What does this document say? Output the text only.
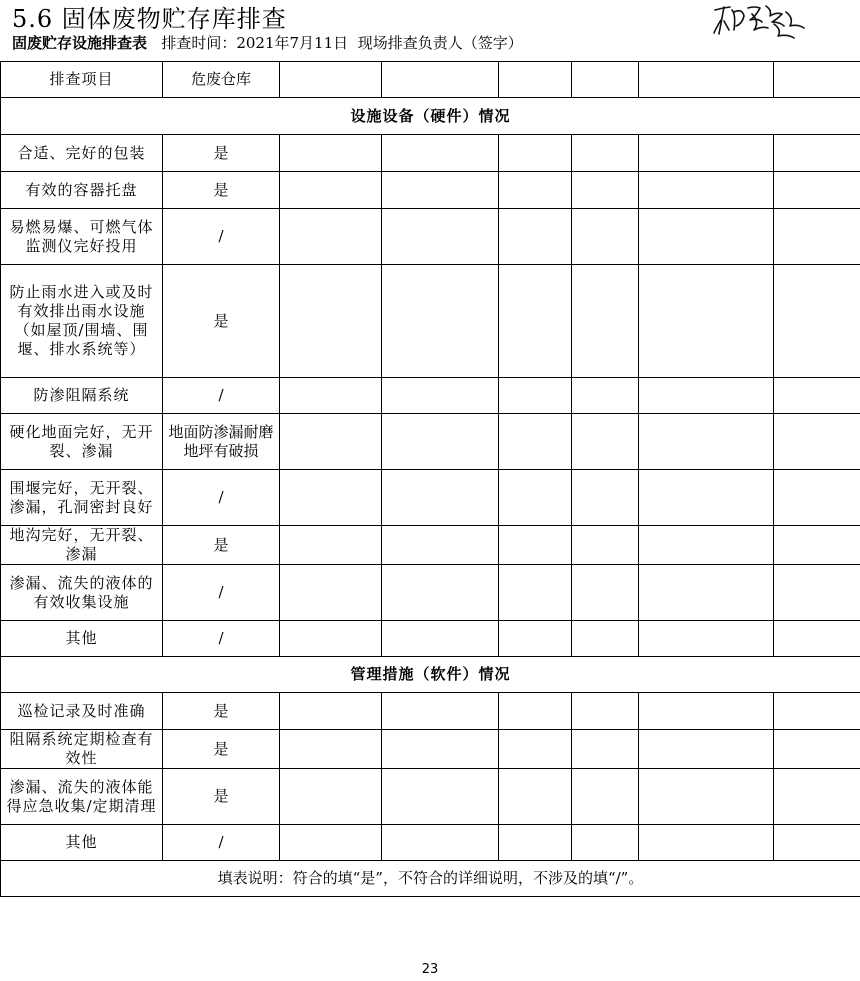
5.6 固体废物贮存库排查
固废贮存设施排查表 排查时间：2021年7月11日 现场排查负责人（签字）
排查项目	危废仓库						
设施设备（硬件）情况							
合适、完好的包装	是						
有效的容器托盘	是						
易燃易爆、可燃气体监测仪完好投用	/						
防止雨水进入或及时有效排出雨水设施（如屋顶/围墙、围堰、排水系统等）	是						
防渗阻隔系统	/						
硬化地面完好，无开裂、渗漏	地面防渗漏耐磨地坪有破损						
围堰完好，无开裂、渗漏，孔洞密封良好	/						
地沟完好，无开裂、渗漏	是						
渗漏、流失的液体的有效收集设施	/						
其他	/						
管理措施（软件）情况							
巡检记录及时准确	是						
阻隔系统定期检查有效性	是						
渗漏、流失的液体能得应急收集/定期清理	是						
其他	/						
填表说明：符合的填“是”，不符合的详细说明，不涉及的填“/”。							
23
